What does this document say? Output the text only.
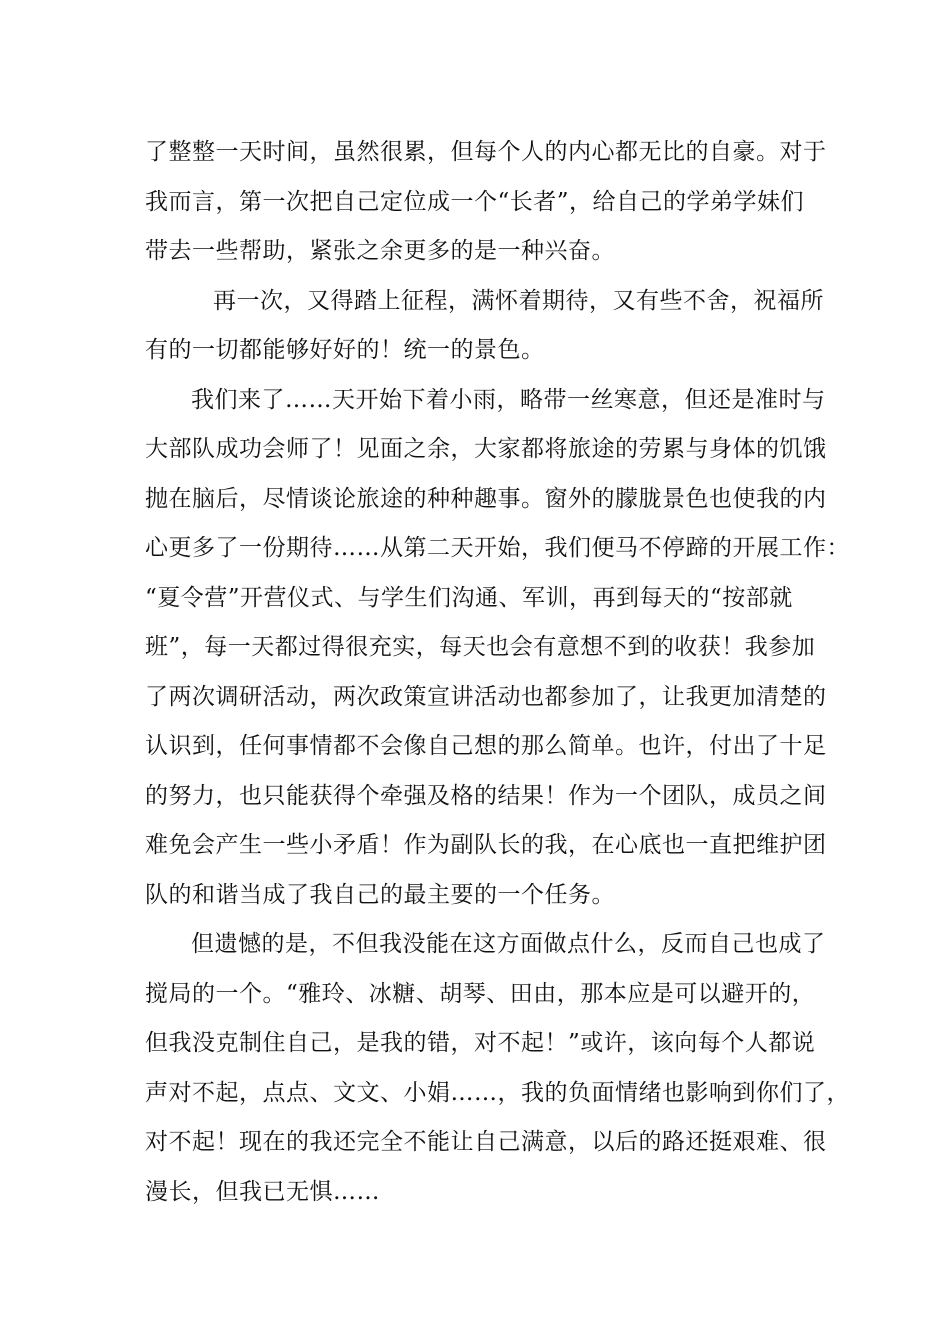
了整整一天时间，虽然很累，但每个人的内心都无比的自豪。对于
我而言，第一次把自己定位成一个“长者”，给自己的学弟学妹们
带去一些帮助，紧张之余更多的是一种兴奋。
再一次，又得踏上征程，满怀着期待，又有些不舍，祝福所
有的一切都能够好好的！统一的景色。
我们来了……天开始下着小雨，略带一丝寒意，但还是准时与
大部队成功会师了！见面之余，大家都将旅途的劳累与身体的饥饿
抛在脑后，尽情谈论旅途的种种趣事。窗外的朦胧景色也使我的内
心更多了一份期待……从第二天开始，我们便马不停蹄的开展工作：
“夏令营”开营仪式、与学生们沟通、军训，再到每天的“按部就
班”，每一天都过得很充实，每天也会有意想不到的收获！我参加
了两次调研活动，两次政策宣讲活动也都参加了，让我更加清楚的
认识到，任何事情都不会像自己想的那么简单。也许，付出了十足
的努力，也只能获得个牵强及格的结果！作为一个团队，成员之间
难免会产生一些小矛盾！作为副队长的我，在心底也一直把维护团
队的和谐当成了我自己的最主要的一个任务。
但遗憾的是，不但我没能在这方面做点什么，反而自己也成了
搅局的一个。“雅玲、冰糖、胡琴、田由，那本应是可以避开的，
但我没克制住自己，是我的错，对不起！”或许，该向每个人都说
声对不起，点点、文文、小娟……，我的负面情绪也影响到你们了，
对不起！现在的我还完全不能让自己满意，以后的路还挺艰难、很
漫长，但我已无惧……
